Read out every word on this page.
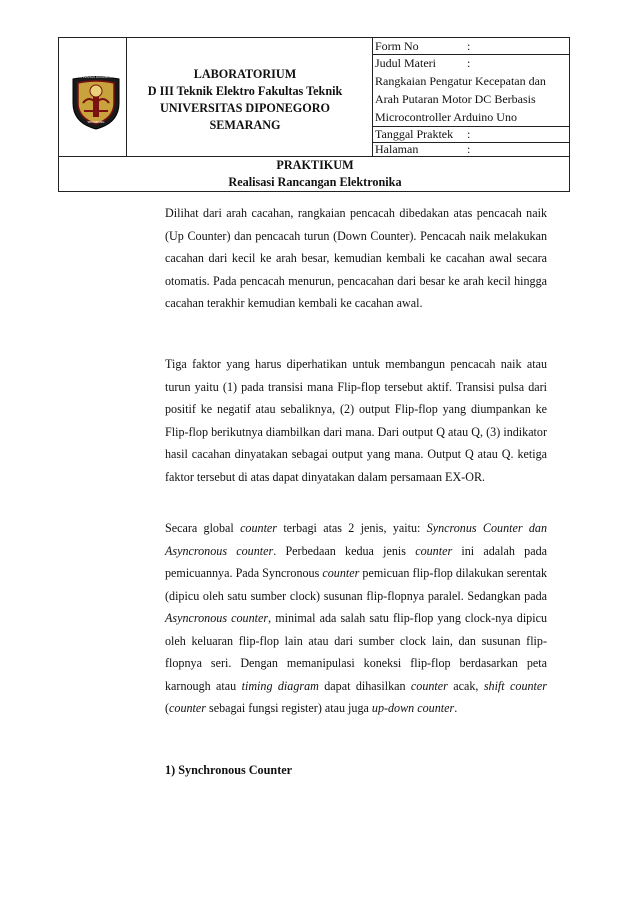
UNIVERSITAS DIPONEGORO
SEMARANG
LABORATORIUM
D III Teknik Elektro Fakultas Teknik
UNIVERSITAS DIPONEGORO
SEMARANG
Form No	:
Judul Materi	:
Rangkaian Pengatur Kecepatan dan Arah Putaran Motor DC Berbasis Microcontroller Arduino Uno
Tanggal Praktek :
Halaman	:
PRAKTIKUM
Realisasi Rancangan Elektronika
Dilihat dari arah cacahan, rangkaian pencacah dibedakan atas pencacah naik (Up Counter) dan pencacah turun (Down Counter). Pencacah naik melakukan cacahan dari kecil ke arah besar, kemudian kembali ke cacahan awal secara otomatis. Pada pencacah menurun, pencacahan dari besar ke arah kecil hingga cacahan terakhir kemudian kembali ke cacahan awal.
Tiga faktor yang harus diperhatikan untuk membangun pencacah naik atau turun yaitu (1) pada transisi mana Flip-flop tersebut aktif. Transisi pulsa dari positif ke negatif atau sebaliknya, (2) output Flip-flop yang diumpankan ke Flip-flop berikutnya diambilkan dari mana. Dari output Q atau Q, (3) indikator hasil cacahan dinyatakan sebagai output yang mana. Output Q atau Q. ketiga faktor tersebut di atas dapat dinyatakan dalam persamaan EX-OR.
Secara global counter terbagi atas 2 jenis, yaitu: Syncronus Counter dan Asyncronous counter. Perbedaan kedua jenis counter ini adalah pada pemicuannya. Pada Syncronous counter pemicuan flip-flop dilakukan serentak (dipicu oleh satu sumber clock) susunan flip-flopnya paralel. Sedangkan pada Asyncronous counter, minimal ada salah satu flip-flop yang clock-nya dipicu oleh keluaran flip-flop lain atau dari sumber clock lain, dan susunan flip-flopnya seri. Dengan memanipulasi koneksi flip-flop berdasarkan peta karnough atau timing diagram dapat dihasilkan counter acak, shift counter (counter sebagai fungsi register) atau juga up-down counter.
1) Synchronous Counter
